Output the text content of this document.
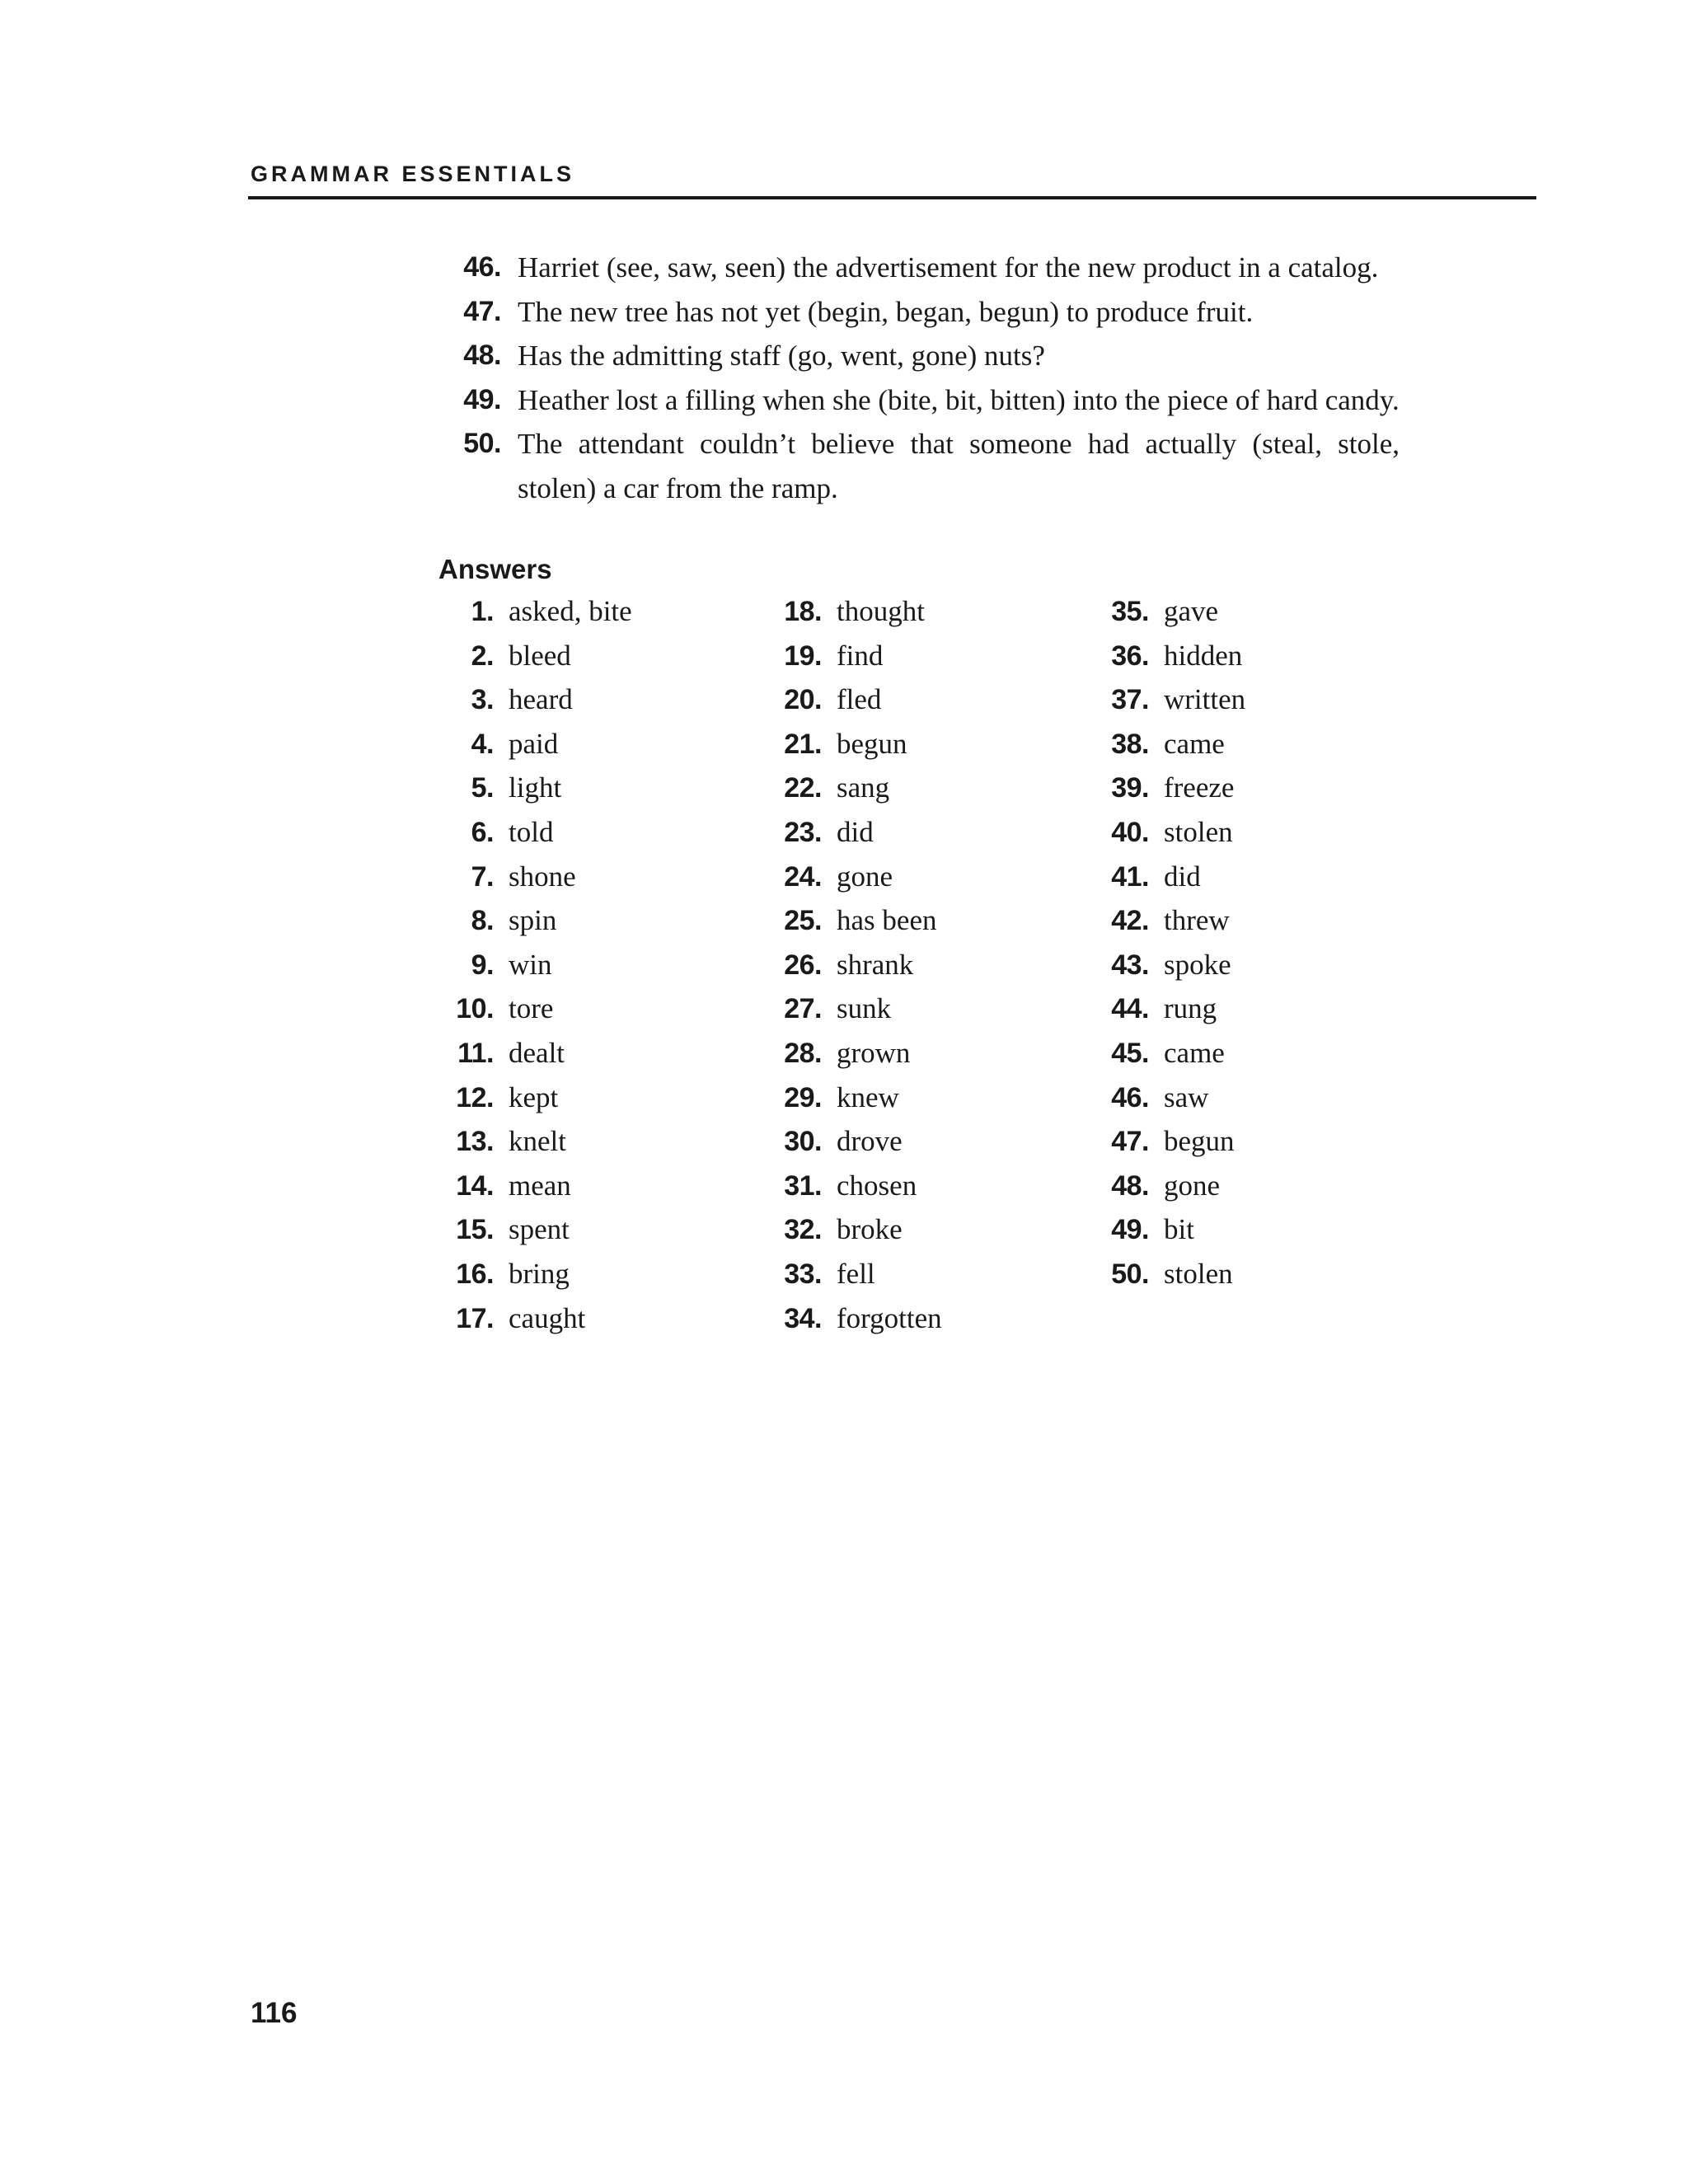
GRAMMAR ESSENTIALS
46. Harriet (see, saw, seen) the advertisement for the new product in a catalog.
47. The new tree has not yet (begin, began, begun) to produce fruit.
48. Has the admitting staff (go, went, gone) nuts?
49. Heather lost a filling when she (bite, bit, bitten) into the piece of hard candy.
50. The attendant couldn’t believe that someone had actually (steal, stole, stolen) a car from the ramp.
Answers
1. asked, bite
2. bleed
3. heard
4. paid
5. light
6. told
7. shone
8. spin
9. win
10. tore
11. dealt
12. kept
13. knelt
14. mean
15. spent
16. bring
17. caught
18. thought
19. find
20. fled
21. begun
22. sang
23. did
24. gone
25. has been
26. shrank
27. sunk
28. grown
29. knew
30. drove
31. chosen
32. broke
33. fell
34. forgotten
35. gave
36. hidden
37. written
38. came
39. freeze
40. stolen
41. did
42. threw
43. spoke
44. rung
45. came
46. saw
47. begun
48. gone
49. bit
50. stolen
116
